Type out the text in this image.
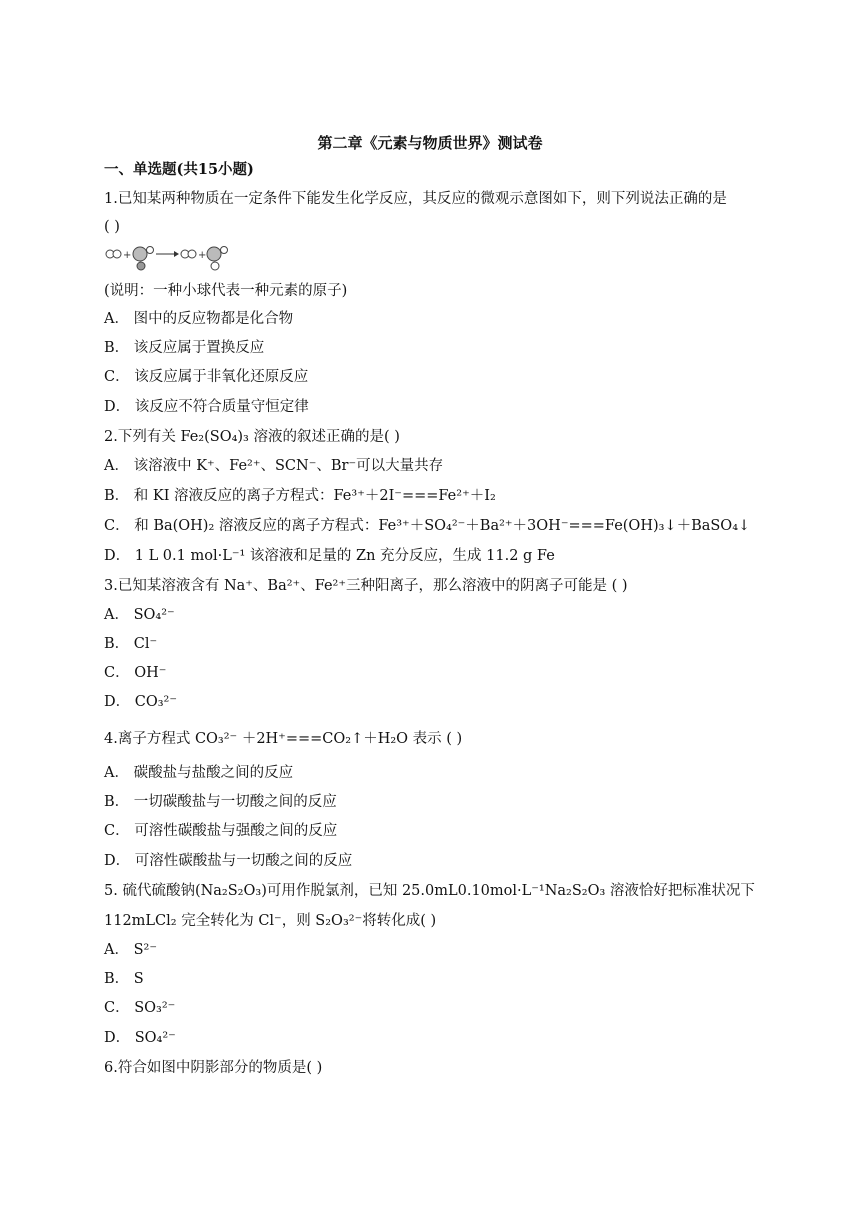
第二章《元素与物质世界》测试卷
一、单选题(共15小题)
1.已知某两种物质在一定条件下能发生化学反应，其反应的微观示意图如下，则下列说法正确的是
( )
+	+
(说明：一种小球代表一种元素的原子)
A． 图中的反应物都是化合物
B． 该反应属于置换反应
C． 该反应属于非氧化还原反应
D． 该反应不符合质量守恒定律
2.下列有关 Fe₂(SO₄)₃ 溶液的叙述正确的是( )
A． 该溶液中 K⁺、Fe²⁺、SCN⁻、Br⁻可以大量共存
B． 和 KI 溶液反应的离子方程式：Fe³⁺＋2I⁻===Fe²⁺＋I₂
C． 和 Ba(OH)₂ 溶液反应的离子方程式：Fe³⁺＋SO₄²⁻＋Ba²⁺＋3OH⁻===Fe(OH)₃↓＋BaSO₄↓
D． 1 L 0.1 mol·L⁻¹ 该溶液和足量的 Zn 充分反应，生成 11.2 g Fe
3.已知某溶液含有 Na⁺、Ba²⁺、Fe²⁺三种阳离子，那么溶液中的阴离子可能是 ( )
A． SO₄²⁻
B． Cl⁻
C． OH⁻
D． CO₃²⁻
4.离子方程式 CO₃²⁻ ＋2H⁺===CO₂↑＋H₂O 表示 ( )
A． 碳酸盐与盐酸之间的反应
B． 一切碳酸盐与一切酸之间的反应
C． 可溶性碳酸盐与强酸之间的反应
D． 可溶性碳酸盐与一切酸之间的反应
5. 硫代硫酸钠(Na₂S₂O₃)可用作脱氯剂，已知 25.0mL0.10mol·L⁻¹Na₂S₂O₃ 溶液恰好把标准状况下
112mLCl₂ 完全转化为 Cl⁻，则 S₂O₃²⁻将转化成( )
A． S²⁻
B． S
C． SO₃²⁻
D． SO₄²⁻
6.符合如图中阴影部分的物质是( )
